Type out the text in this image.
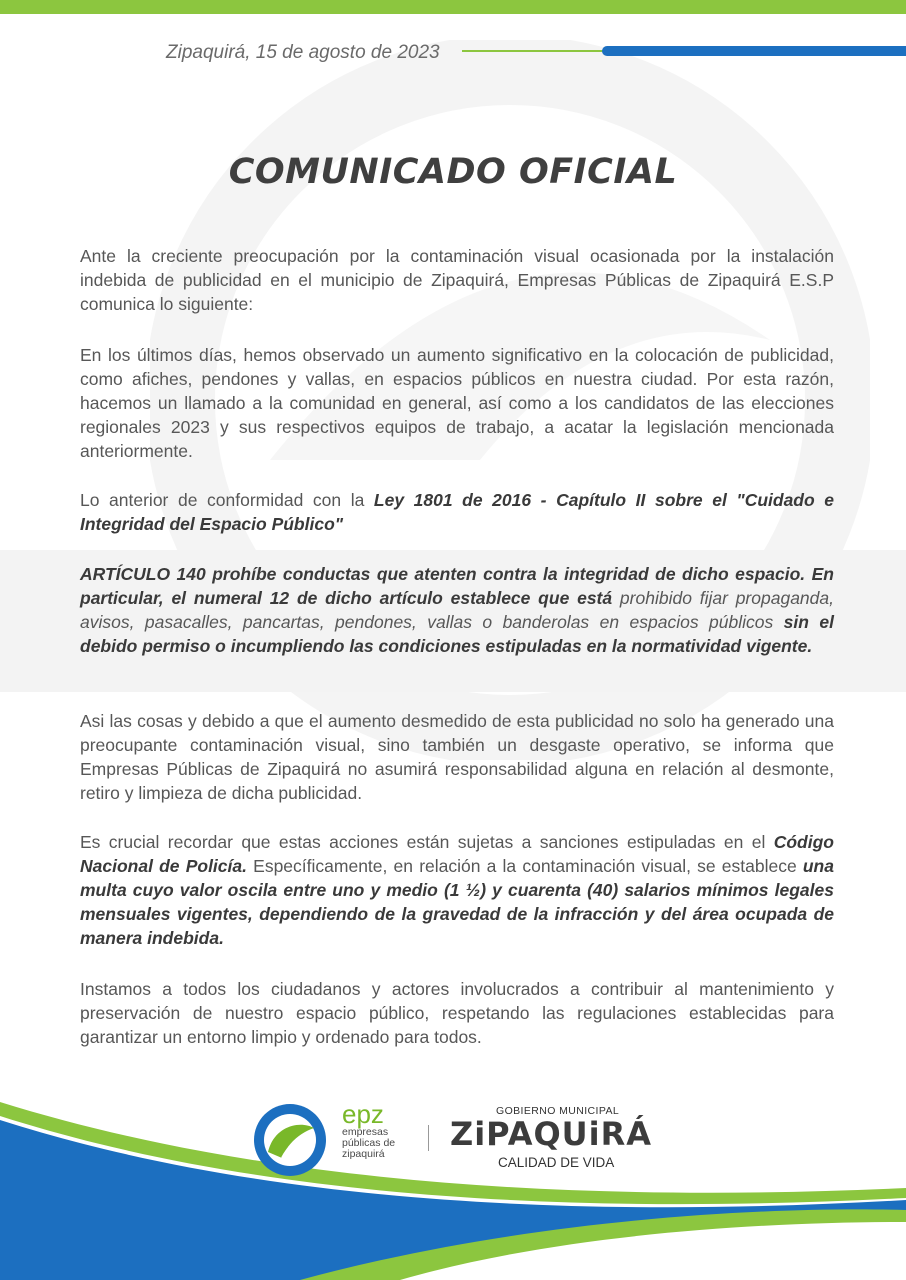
Zipaquirá, 15 de agosto de 2023
COMUNICADO OFICIAL

Ante la creciente preocupación por la contaminación visual ocasionada por la instalación indebida de publicidad en el municipio de Zipaquirá, Empresas Públicas de Zipaquirá E.S.P comunica lo siguiente:

En los últimos días, hemos observado un aumento significativo en la colocación de publicidad, como afiches, pendones y vallas, en espacios públicos en nuestra ciudad. Por esta razón, hacemos un llamado a la comunidad en general, así como a los candidatos de las elecciones regionales 2023 y sus respectivos equipos de trabajo, a acatar la legislación mencionada anteriormente.

Lo anterior de conformidad con la Ley 1801 de 2016 - Capítulo II sobre el "Cuidado e Integridad del Espacio Público"

ARTÍCULO 140 prohíbe conductas que atenten contra la integridad de dicho espacio. En particular, el numeral 12 de dicho artículo establece que está prohibido fijar propaganda, avisos, pasacalles, pancartas, pendones, vallas o banderolas en espacios públicos sin el debido permiso o incumpliendo las condiciones estipuladas en la normatividad vigente.

Asi las cosas y debido a que el aumento desmedido de esta publicidad no solo ha generado una preocupante contaminación visual, sino también un desgaste operativo, se informa que Empresas Públicas de Zipaquirá no asumirá responsabilidad alguna en relación al desmonte, retiro y limpieza de dicha publicidad.

Es crucial recordar que estas acciones están sujetas a sanciones estipuladas en el Código Nacional de Policía. Específicamente, en relación a la contaminación visual, se establece una multa cuyo valor oscila entre uno y medio (1 ½) y cuarenta (40) salarios mínimos legales mensuales vigentes, dependiendo de la gravedad de la infracción y del área ocupada de manera indebida.

Instamos a todos los ciudadanos y actores involucrados a contribuir al mantenimiento y preservación de nuestro espacio público, respetando las regulaciones establecidas para garantizar un entorno limpio y ordenado para todos.

epz
empresas
públicas de
zipaquirá
GOBIERNO MUNICIPAL
ZiPAQUiRÁ
CALIDAD DE VIDA
